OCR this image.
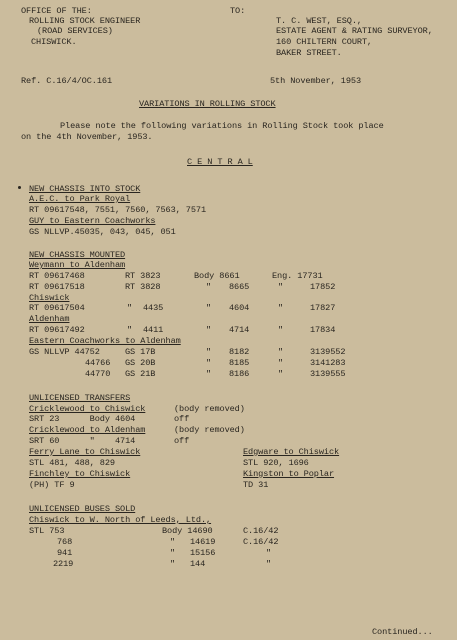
OFFICE OF THE:
ROLLING STOCK ENGINEER
(ROAD SERVICES)
CHISWICK.
TO:
T. C. WEST, ESQ.,
ESTATE AGENT & RATING SURVEYOR,
160 CHILTERN COURT,
BAKER STREET.
Ref. C.16/4/OC.161	5th November, 1953
VARIATIONS IN ROLLING STOCK
Please note the following variations in Rolling Stock took place
on the 4th November, 1953.
C E N T R A L
NEW CHASSIS INTO STOCK
A.E.C. to Park Royal
RT 09617548, 7551, 7560, 7563, 7571
GUY to Eastern Coachworks
GS NLLVP.45035, 043, 045, 051
NEW CHASSIS MOUNTED
Weymann to Aldenham
RT 09617468	RT 3823	Body 8661	Eng. 17731
RT 09617518	RT 3828	" 8665	"	17852
Chiswick
RT 09617504	" 4435	" 4604	"	17827
Aldenham
RT 09617492	" 4411	" 4714	"	17834
Eastern Coachworks to Aldenham
GS NLLVP 44752	GS 17B	" 8182	"	3139552
44766 GS 20B	" 8185	"	3141283
44770 GS 21B	" 8186	"	3139555
UNLICENSED TRANSFERS
Cricklewood to Chiswick	(body removed)
SRT 23      Body 4604	off
Cricklewood to Aldenham	(body removed)
SRT 60      "    4714	off
Ferry Lane to Chiswick
STL 481, 488, 829
Edgware to Chiswick
STL 920, 1696
Finchley to Chiswick
(PH) TF 9
Kingston to Poplar
TD 31
UNLICENSED BUSES SOLD
Chiswick to W. North of Leeds, Ltd.,
STL 753	Body 14690	C.16/42
768	" 14619	C.16/42
941	" 15156	"
2219	" 144	"
Continued...
